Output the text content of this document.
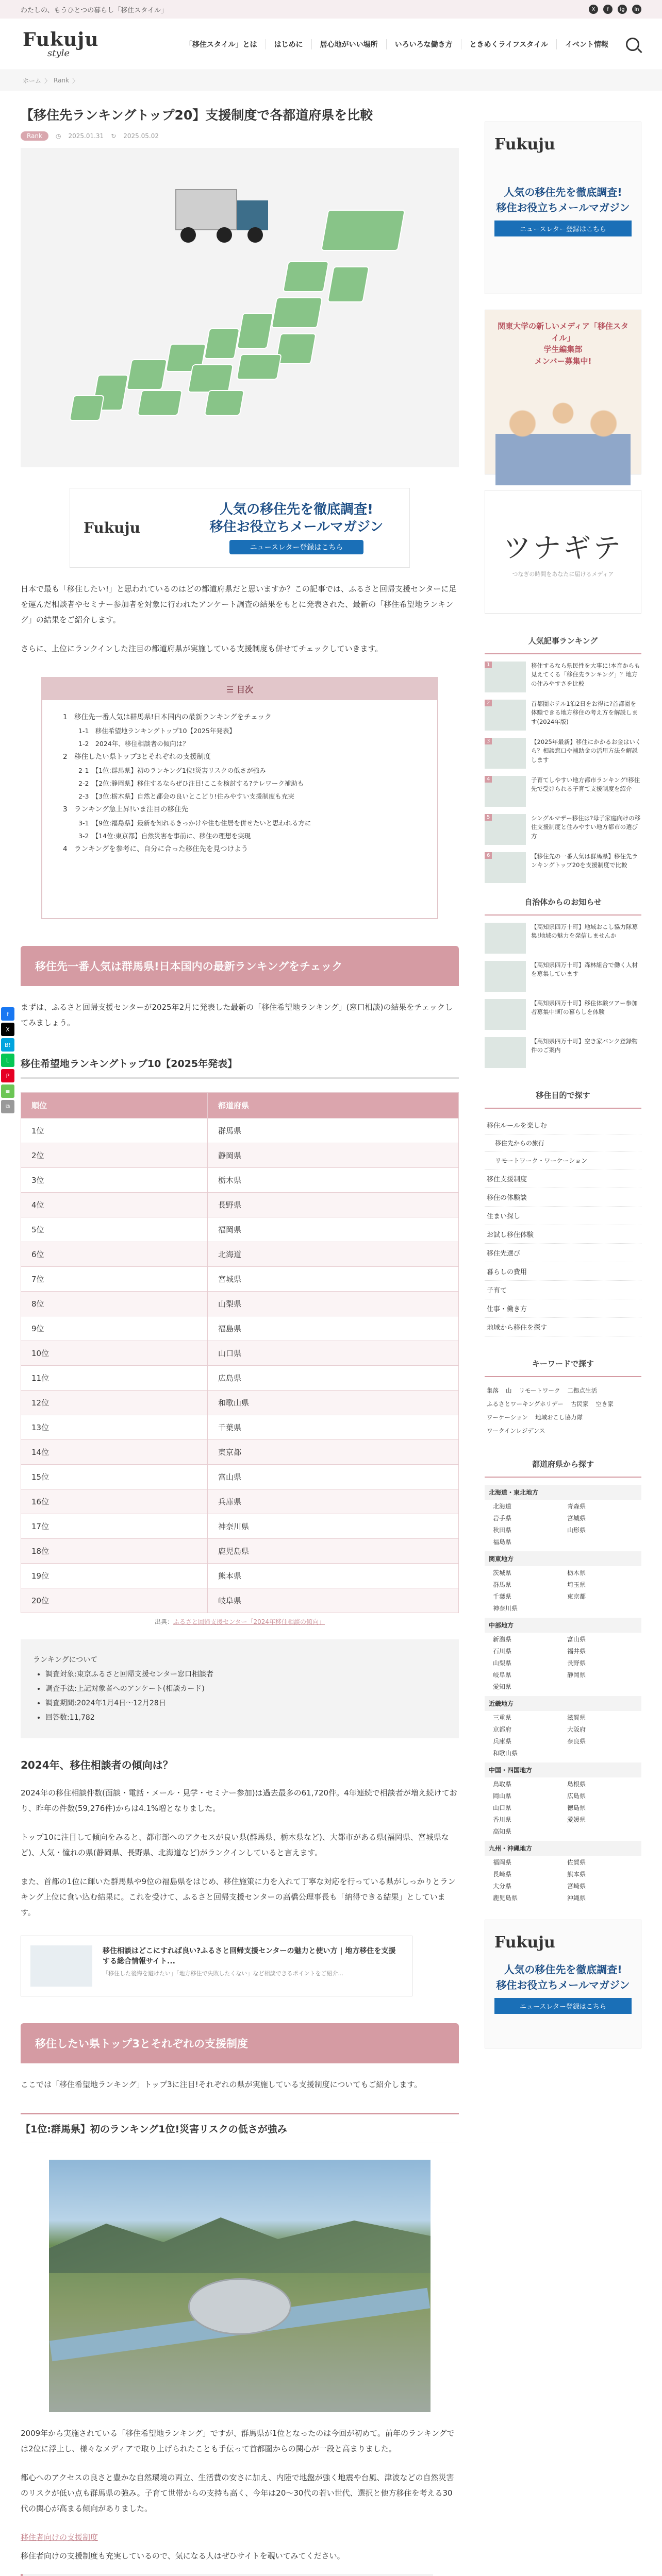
わたしの、もうひとつの暮らし「移住スタイル」	X	f	ig	ln
Fukuju
style
「移住スタイル」とは	はじめに	居心地がいい場所	いろいろな働き方	ときめくライフスタイル	イベント情報
ホーム 〉 Rank 〉
f
X
B!
L
P
≡
⧉
【移住先ランキングトップ20】支援制度で各都道府県を比較
Rank	◷ 2025.01.31 ↻ 2025.05.02
Fukuju
人気の移住先を徹底調査!
移住お役立ちメールマガジン
ニュースレター登録はこちら

日本で最も「移住したい!」と思われているのはどの都道府県だと思いますか？この記事では、ふるさと回帰支援センターに足を運んだ相談者やセミナー参加者を対象に行われたアンケート調査の結果をもとに発表された、最新の「移住希望地ランキング」の結果をご紹介します。

さらに、上位にランクインした注目の都道府県が実施している支援制度も併せてチェックしていきます。

☰ 目次
1　移住先一番人気は群馬県!日本国内の最新ランキングをチェック
1-1　移住希望地ランキングトップ10【2025年発表】
1-2　2024年、移住相談者の傾向は？
2　移住したい県トップ3とそれぞれの支援制度
2-1　【1位:群馬県】初のランキング1位!災害リスクの低さが強み
2-2　【2位:静岡県】移住するならぜひ注目!ここを検討する?テレワーク補助も
2-3　【3位:栃木県】自然と都会の良いとこどり!住みやすい支援制度も充実
3　ランキング急上昇!いま注目の移住先
3-1　【9位:福島県】最新を知れるきっかけや住む住居を併せたいと思われる方に
3-2　【14位:東京都】自然災害を事前に、移住の理想を実現
4　ランキングを参考に、自分に合った移住先を見つけよう
移住先一番人気は群馬県!日本国内の最新ランキングをチェック

まずは、ふるさと回帰支援センターが2025年2月に発表した最新の「移住希望地ランキング」(窓口相談)の結果をチェックしてみましょう。

移住希望地ランキングトップ10【2025年発表】
順位	都道府県
1位	群馬県
2位	静岡県
3位	栃木県
4位	長野県
5位	福岡県
6位	北海道
7位	宮城県
8位	山梨県
9位	福島県
10位	山口県
11位	広島県
12位	和歌山県
13位	千葉県
14位	東京都
15位	富山県
16位	兵庫県
17位	神奈川県
18位	鹿児島県
19位	熊本県
20位	岐阜県
出典：ふるさと回帰支援センター「2024年移住相談の傾向」
ランキングについて
• 調査対象:東京ふるさと回帰支援センター窓口相談者
• 調査手法:上記対象者へのアンケート(相談カード)
• 調査期間:2024年1月4日〜12月28日
• 回答数:11,782
2024年、移住相談者の傾向は？

2024年の移住相談件数(面談・電話・メール・見学・セミナー参加)は過去最多の61,720件。4年連続で相談者が増え続けており、昨年の件数(59,276件)からは4.1%増となりました。

トップ10に注目して傾向をみると、都市部へのアクセスが良い県(群馬県、栃木県など)、大都市がある県(福岡県、宮城県など)、人気・憧れの県(静岡県、長野県、北海道など)がランクインしていると言えます。

また、首都の1位に輝いた群馬県や9位の福島県をはじめ、移住施策に力を入れて丁寧な対応を行っている県がしっかりとランキング上位に食い込む結果に。これを受けて、ふるさと回帰支援センターの高橋公理事長も「納得できる結果」としています。

移住相談はどこにすれば良い?ふるさと回帰支援センターの魅力と使い方 | 地方移住を支援する総合情報サイト...
「移住した後悔を避けたい」「地方移住で失敗したくない」など相談できるポイントをご紹介...
移住したい県トップ3とそれぞれの支援制度

ここでは「移住希望地ランキング」トップ3に注目!それぞれの県が実施している支援制度についてもご紹介します。

【1位:群馬県】初のランキング1位!災害リスクの低さが強み

2009年から実施されている「移住希望地ランキング」ですが、群馬県が1位となったのは今回が初めて。前年のランキングでは2位に浮上し、様々なメディアで取り上げられたことも手伝って首都圏からの関心が一段と高まりました。

都心へのアクセスの良さと豊かな自然環境の両立、生活費の安さに加え、内陸で地盤が強く地震や台風、津波などの自然災害のリスクが低い点も群馬県の強み。子育て世帯からの支持も高く、今年は20〜30代の若い世代、選択と他方移住を考える30代の関心が高まる傾向がありました。

移住者向けの支援制度

移住者向けの支援制度も充実しているので、気になる人はぜひサイトを覗いてみてください。

Fukuju
人気の移住先を徹底調査!
移住お役立ちメールマガジン
ニュースレター登録はこちら
関東大学の新しいメディア「移住スタイル」
学生編集部
メンバー募集中!
ツナギテ
つなぎの時間をあなたに届けるメディア
人気記事ランキング
1	移住するなら県民性を大事に!本音からも見えてくる「移住先ランキング」？地方の住みやすさを比較
2	首都圏ホテル1泊2日をお得に?首都圏を体験できる地方移住の考え方を解説します(2024年版)
3	【2025年最新】移住にかかるお金はいくら？相談窓口や補助金の活用方法を解説します
4	子育てしやすい地方都市ランキング!移住先で受けられる子育て支援制度を紹介
5	シングルマザー移住は?母子家庭向けの移住支援制度と住みやすい地方都市の選び方
6	【移住先の一番人気は群馬県】移住先ランキングトップ20を支援制度で比較
自治体からのお知らせ
【高知県四万十町】地域おこし協力隊募集!地域の魅力を発信しませんか
【高知県四万十町】森林組合で働く人材を募集しています
【高知県四万十町】移住体験ツアー参加者募集中!町の暮らしを体験
【高知県四万十町】空き家バンク登録物件のご案内
移住目的で探す
移住ルールを楽しむ
移住先からの旅行
リモートワーク・ワーケーション
移住支援制度
移住の体験談
住まい探し
お試し移住体験
移住先選び
暮らしの費用
子育て
仕事・働き方
地域から移住を探す
キーワードで探す
集落 山 リモートワーク 二拠点生活
ふるさとワーキングホリデー 古民家 空き家
ワーケーション 地域おこし協力隊
ワークインレジデンス
都道府県から探す
北海道・東北地方
北海道	青森県
岩手県	宮城県
秋田県	山形県
福島県
関東地方
茨城県	栃木県
群馬県	埼玉県
千葉県	東京都
神奈川県
中部地方
新潟県	富山県
石川県	福井県
山梨県	長野県
岐阜県	静岡県
愛知県
近畿地方
三重県	滋賀県
京都府	大阪府
兵庫県	奈良県
和歌山県
中国・四国地方
鳥取県	島根県
岡山県	広島県
山口県	徳島県
香川県	愛媛県
高知県
九州・沖縄地方
福岡県	佐賀県
長崎県	熊本県
大分県	宮崎県
鹿児島県	沖縄県
Fukuju
人気の移住先を徹底調査!
移住お役立ちメールマガジン
ニュースレター登録はこちら
